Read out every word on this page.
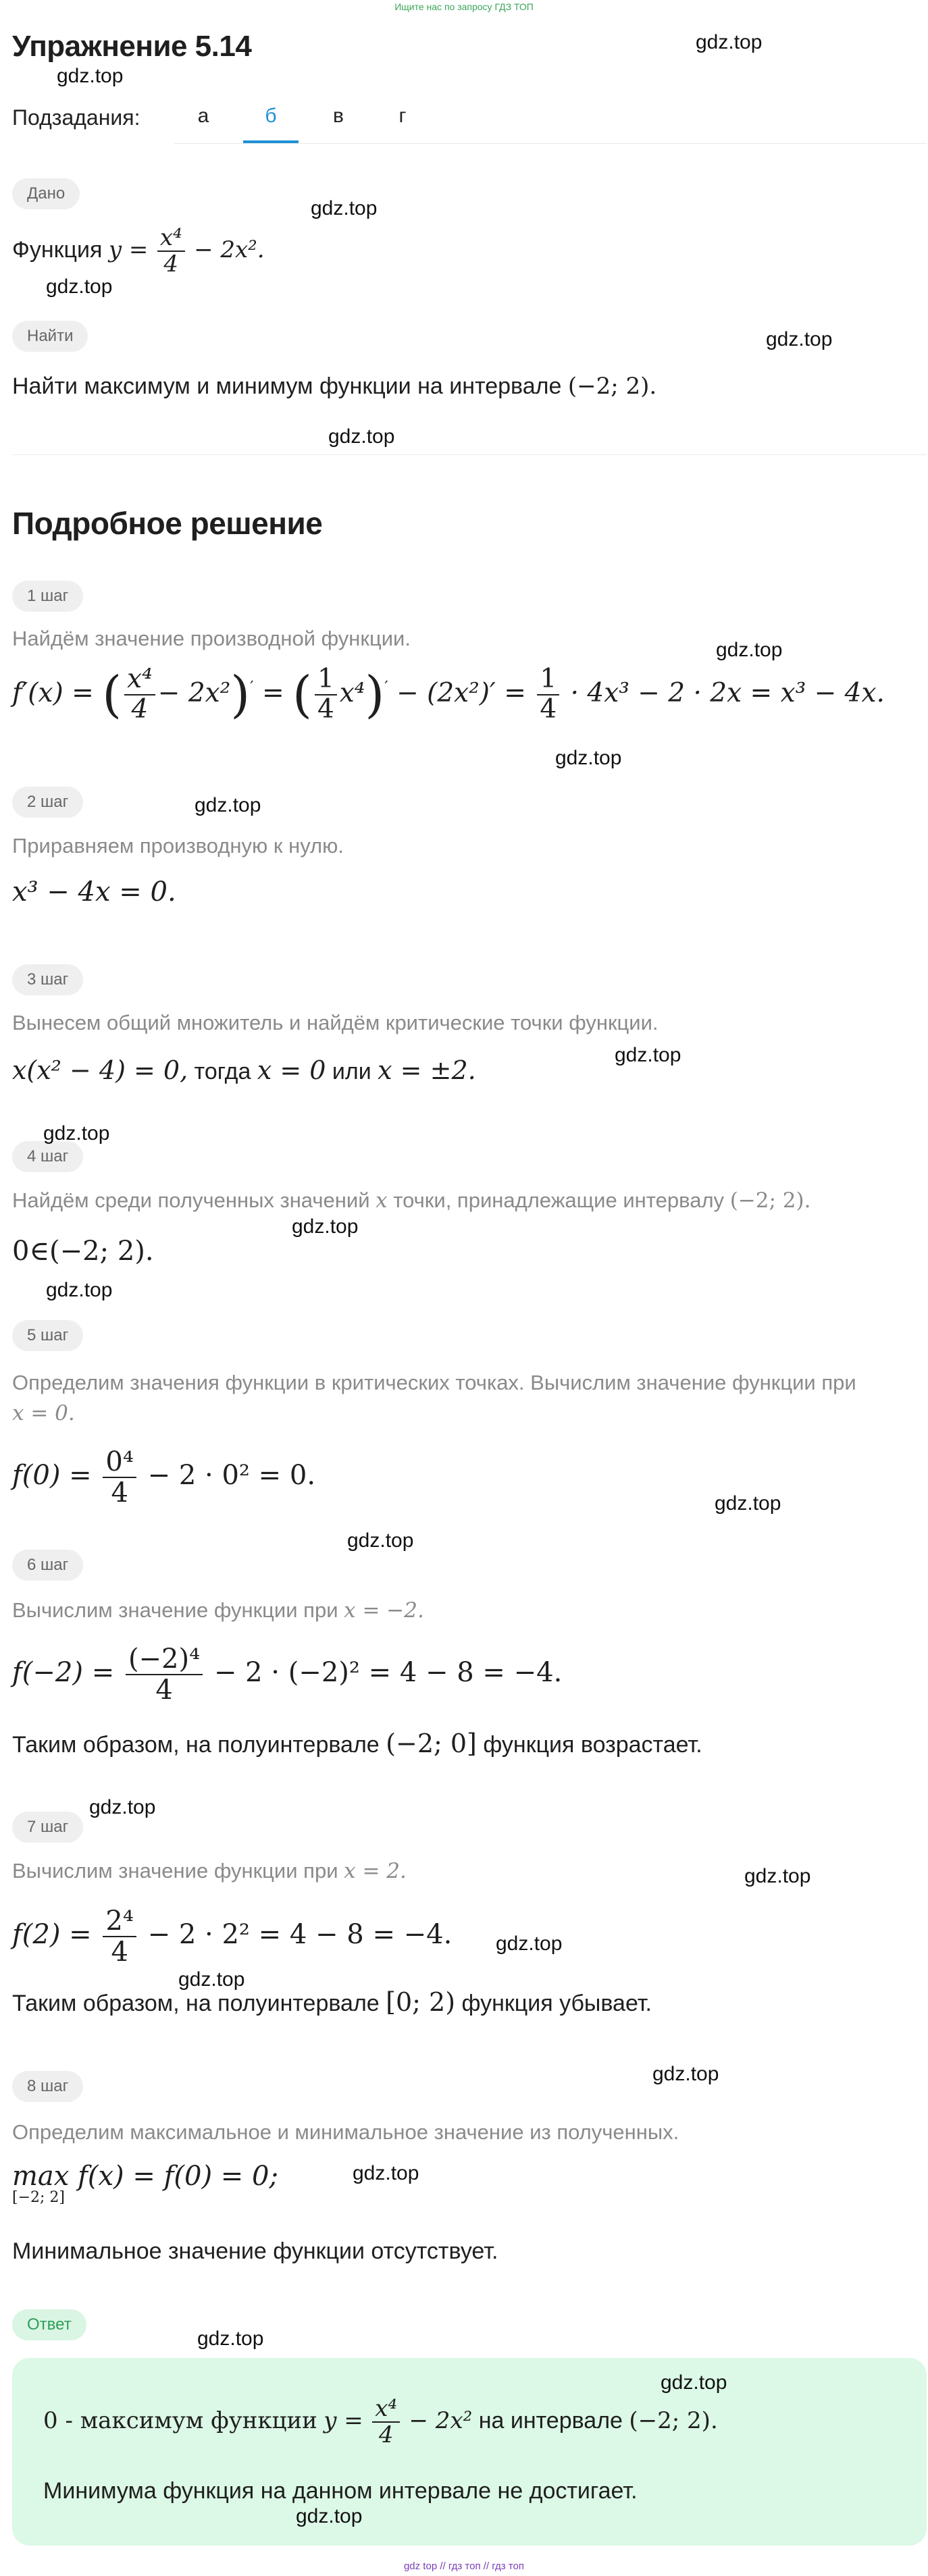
Ищите нас по запросу ГДЗ ТОП
Упражнение 5.14
Подзадания:	а	б	в	г
Дано
Функция $y = \frac{\text{x⁴}}{4} - 2x^2$.
Найти
Найти максимум и минимум функции на интервале (−2; 2).
Подробное решение
1 шаг
Найдём значение производной функции.
f′(x) = ( $\frac{\text{x⁴}}{4} - 2x^2)'$ = ( $\frac{1}{4} x^4)' - (2x^2)' = \frac{1}{4} \cdot 4x^3 - 2 \cdot 2x = x^3 - 4x$.
2 шаг
Приравняем производную к нулю.
x³ − 4x = 0.
3 шаг
Вынесем общий множитель и найдём критические точки функции.
x(x² − 4) = 0, тогда x = 0 или x = ±2.
4 шаг
Найдём среди полученных значений x точки, принадлежащие интервалу (−2; 2).
0∈(−2; 2).
5 шаг
Определим значения функции в критических точках. Вычислим значение функции при
x = 0.
$f(0) = \frac{\text{0⁴}}{4} - 2 \cdot 0^2 = 0$.
6 шаг
Вычислим значение функции при x = −2.
$f(-2) = \frac{\text{(−2)⁴}}{4} - 2 \cdot (-2)^2 = 4 - 8 = -4$.
Таким образом, на полуинтервале (−2; 0] функция возрастает.
7 шаг
Вычислим значение функции при x = 2.
$f(2) = \frac{\text{2⁴}}{4} - 2 \cdot 2^2 = 4 - 8 = -4$.
Таким образом, на полуинтервале [0; 2) функция убывает.
8 шаг
Определим максимальное и минимальное значение из полученных.
max
[−2; 2]
f(x) = f(0) = 0;
Минимальное значение функции отсутствует.
Ответ
0 - максимум функции $y = \frac{\text{x⁴}}{4} - 2x^2$ на интервале (−2; 2).
Минимума функция на данном интервале не достигает.
gdz.top
gdz.top
gdz.top
gdz.top
gdz.top
gdz.top
gdz.top
gdz.top
gdz.top
gdz.top
gdz.top
gdz.top
gdz.top
gdz.top
gdz.top
gdz.top
gdz.top
gdz.top
gdz.top
gdz.top
gdz.top
gdz.top
gdz.top
gdz.top
gdz top // гдз топ // гдз топ
